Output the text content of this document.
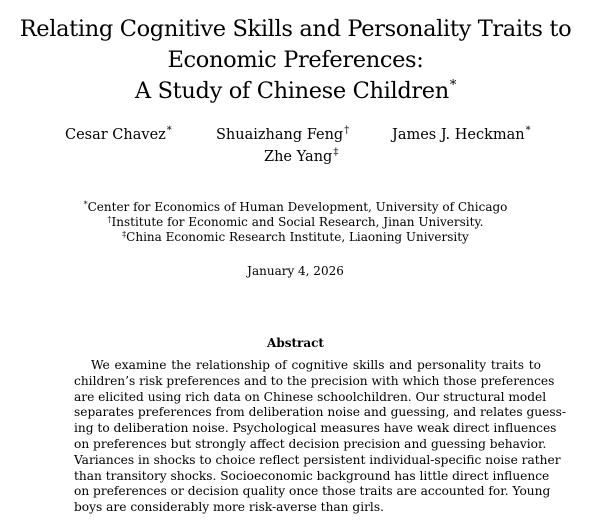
Relating Cognitive Skills and Personality Traits to
Economic Preferences:
A Study of Chinese Children*
Cesar Chavez*	Shuaizhang Feng†	James J. Heckman*
Zhe Yang‡
*Center for Economics of Human Development, University of Chicago
†Institute for Economic and Social Research, Jinan University.
‡China Economic Research Institute, Liaoning University
January 4, 2026
Abstract
We examine the relationship of cognitive skills and personality traits to
children’s risk preferences and to the precision with which those preferences
are elicited using rich data on Chinese schoolchildren. Our structural model
separates preferences from deliberation noise and guessing, and relates guess-
ing to deliberation noise. Psychological measures have weak direct influences
on preferences but strongly affect decision precision and guessing behavior.
Variances in shocks to choice reflect persistent individual-specific noise rather
than transitory shocks. Socioeconomic background has little direct influence
on preferences or decision quality once those traits are accounted for. Young
boys are considerably more risk-averse than girls.
